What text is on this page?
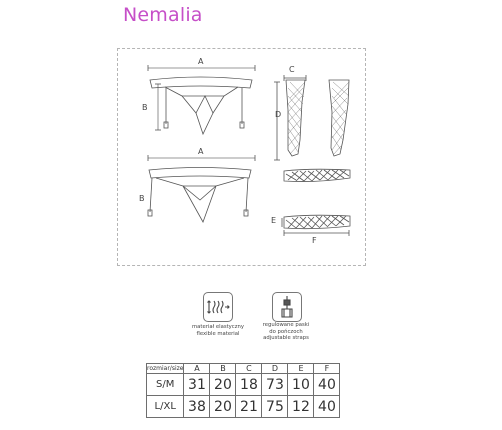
Nemalia
A
B
A
B
C
D
E
F
materiał elastyczny
flexible material
regulowane paski
do pończoch
adjustable straps
rozmiar/size	A	B	C	D	E	F
S/M	31	20	18	73	10	40
L/XL	38	20	21	75	12	40
